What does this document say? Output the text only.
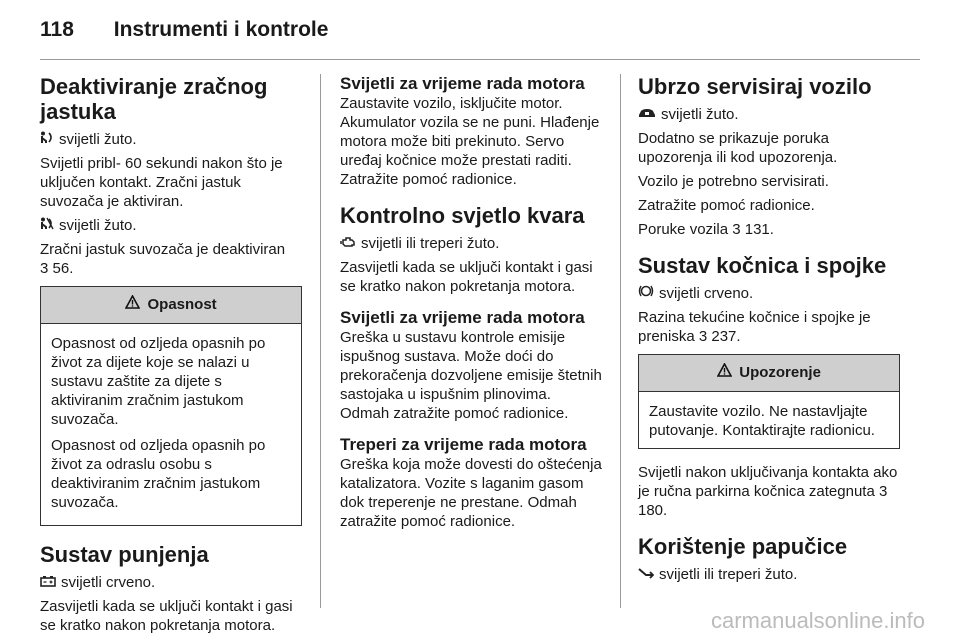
118 Instrumenti i kontrole
Deaktiviranje zračnog jastuka

svijetli žuto.

Svijetli pribl- 60 sekundi nakon što je uključen kontakt. Zračni jastuk suvozača je aktiviran.

svijetli žuto.

Zračni jastuk suvozača je deaktiviran

3 56.

Opasnost

Opasnost od ozljeda opasnih po život za dijete koje se nalazi u sustavu zaštite za dijete s aktiviranim zračnim jastukom suvozača.

Opasnost od ozljeda opasnih po život za odraslu osobu s deaktiviranim zračnim jastukom suvozača.

Sustav punjenja

svijetli crveno.

Zasvijetli kada se uključi kontakt i gasi se kratko nakon pokretanja motora.

Svijetli za vrijeme rada motora

Zaustavite vozilo, isključite motor. Akumulator vozila se ne puni. Hlađenje motora može biti prekinuto. Servo uređaj kočnice može prestati raditi. Zatražite pomoć radionice.

Kontrolno svjetlo kvara

svijetli ili treperi žuto.

Zasvijetli kada se uključi kontakt i gasi se kratko nakon pokretanja motora.

Svijetli za vrijeme rada motora

Greška u sustavu kontrole emisije ispušnog sustava. Može doći do prekoračenja dozvoljene emisije štetnih sastojaka u ispušnim plinovima. Odmah zatražite pomoć radionice.

Treperi za vrijeme rada motora

Greška koja može dovesti do oštećenja katalizatora. Vozite s laganim gasom dok treperenje ne prestane. Odmah zatražite pomoć radionice.

Ubrzo servisiraj vozilo

svijetli žuto.

Dodatno se prikazuje poruka upozorenja ili kod upozorenja.

Vozilo je potrebno servisirati.

Zatražite pomoć radionice.

Poruke vozila 3 131.

Sustav kočnica i spojke

svijetli crveno.

Razina tekućine kočnice i spojke je preniska 3 237.

Upozorenje

Zaustavite vozilo. Ne nastavljajte putovanje. Kontaktirajte radionicu.

Svijetli nakon uključivanja kontakta ako je ručna parkirna kočnica zategnuta 3 180.

Korištenje papučice

svijetli ili treperi žuto.

carmanualsonline.info
